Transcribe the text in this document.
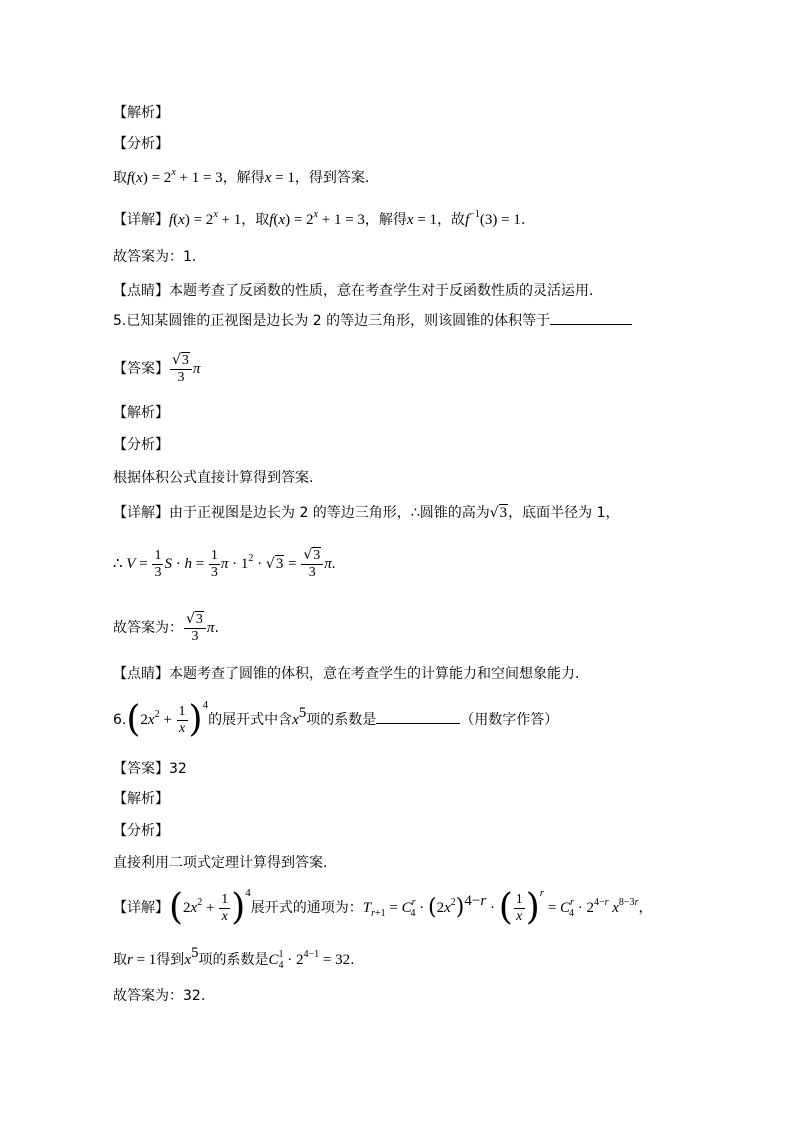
【解析】
【分析】
取$f(x) = 2^x + 1 = 3$，解得x = 1，得到答案.
【详解】$f(x) = 2^x + 1$，取$f(x) = 2^x + 1 = 3$，解得x = 1，故$f^{-1}(3) = 1$.
故答案为：1.
【点睛】本题考查了反函数的性质，意在考查学生对于反函数性质的灵活运用.
5.已知某圆锥的正视图是边长为 2 的等边三角形，则该圆锥的体积等于
【答案】 $\frac{√3}{3}$ π
【解析】
【分析】
根据体积公式直接计算得到答案.
【详解】由于正视图是边长为 2 的等边三角形，∴圆锥的高为√3，底面半径为 1，
∴ $V = \frac{1}{3}$ $S \cdot h = \frac{1}{3}$ $\pi \cdot 1^2 \cdot √3 = \frac{√3}{3} \pi$.
故答案为： $\frac{√3}{3} \pi$.
【点睛】本题考查了圆锥的体积，意在考查学生的计算能力和空间想象能力.
$6.(2x^2 + \frac{1}{x} )^4$的展开式中含$x^5$项的系数是	（用数字作答）
【答案】32
【解析】
【分析】
直接利用二项式定理计算得到答案.
【详解】$(2x^2 + \frac{1}{x} )^4$展开式的通项为：$T_{r+1} = C^r_4 \cdot (2x^2)^{4-r}$ · ( $\frac{1}{x} )^r = C^r_4 \cdot 2^{4-r}$ $x^{8-3r}$，
取r = 1得到$x^5$项的系数是$C^1_4 \cdot 2^{4-1} = 32$.
故答案为：32.
